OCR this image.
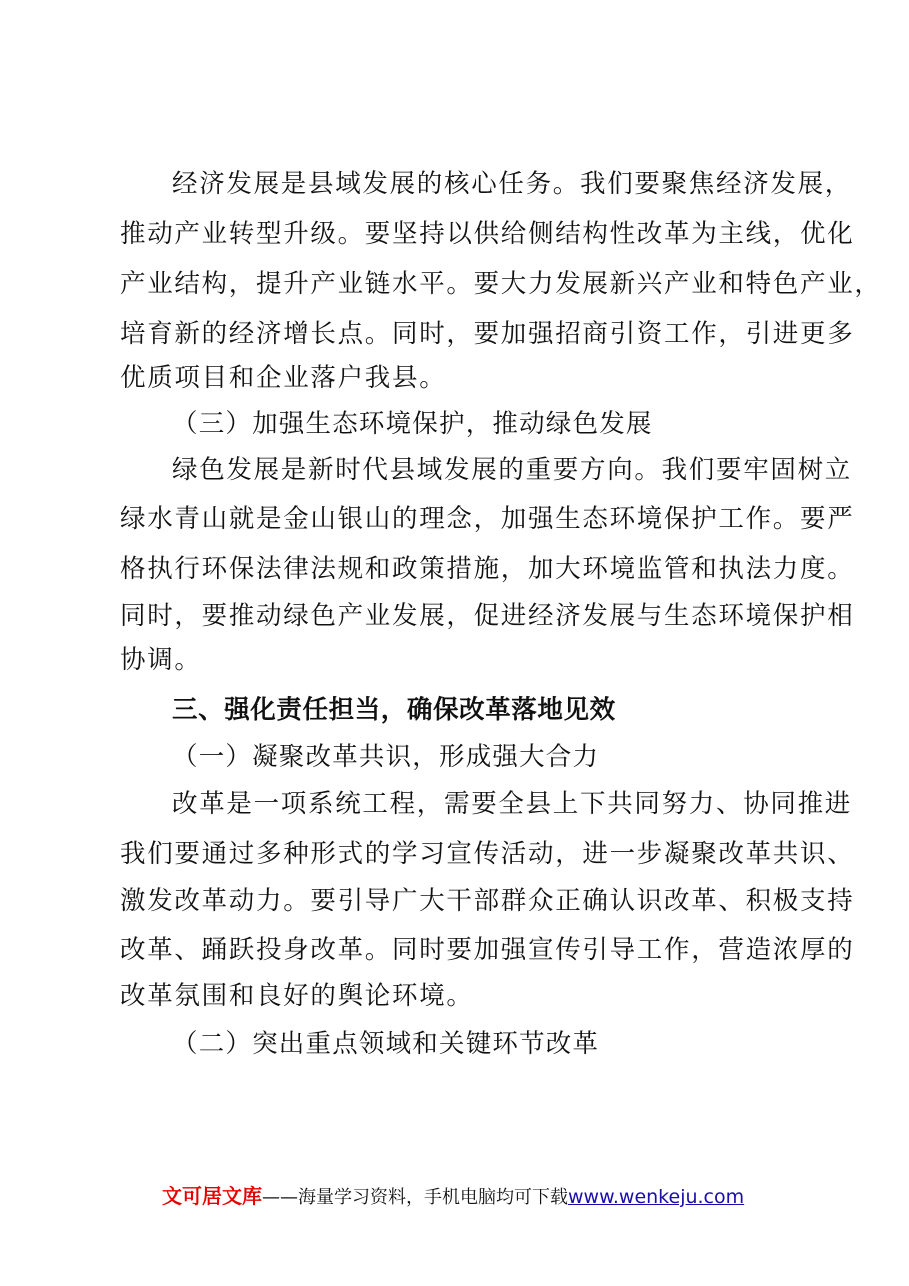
经济发展是县域发展的核心任务。我们要聚焦经济发展，
推动产业转型升级。要坚持以供给侧结构性改革为主线，优化
产业结构，提升产业链水平。要大力发展新兴产业和特色产业，
培育新的经济增长点。同时，要加强招商引资工作，引进更多
优质项目和企业落户我县。
（三）加强生态环境保护，推动绿色发展
绿色发展是新时代县域发展的重要方向。我们要牢固树立
绿水青山就是金山银山的理念，加强生态环境保护工作。要严
格执行环保法律法规和政策措施，加大环境监管和执法力度。
同时，要推动绿色产业发展，促进经济发展与生态环境保护相
协调。
三、强化责任担当，确保改革落地见效
（一）凝聚改革共识，形成强大合力
改革是一项系统工程，需要全县上下共同努力、协同推进
我们要通过多种形式的学习宣传活动，进一步凝聚改革共识、
激发改革动力。要引导广大干部群众正确认识改革、积极支持
改革、踊跃投身改革。同时要加强宣传引导工作，营造浓厚的
改革氛围和良好的舆论环境。
（二）突出重点领域和关键环节改革
文可居文库——海量学习资料，手机电脑均可下载www.wenkeju.com
